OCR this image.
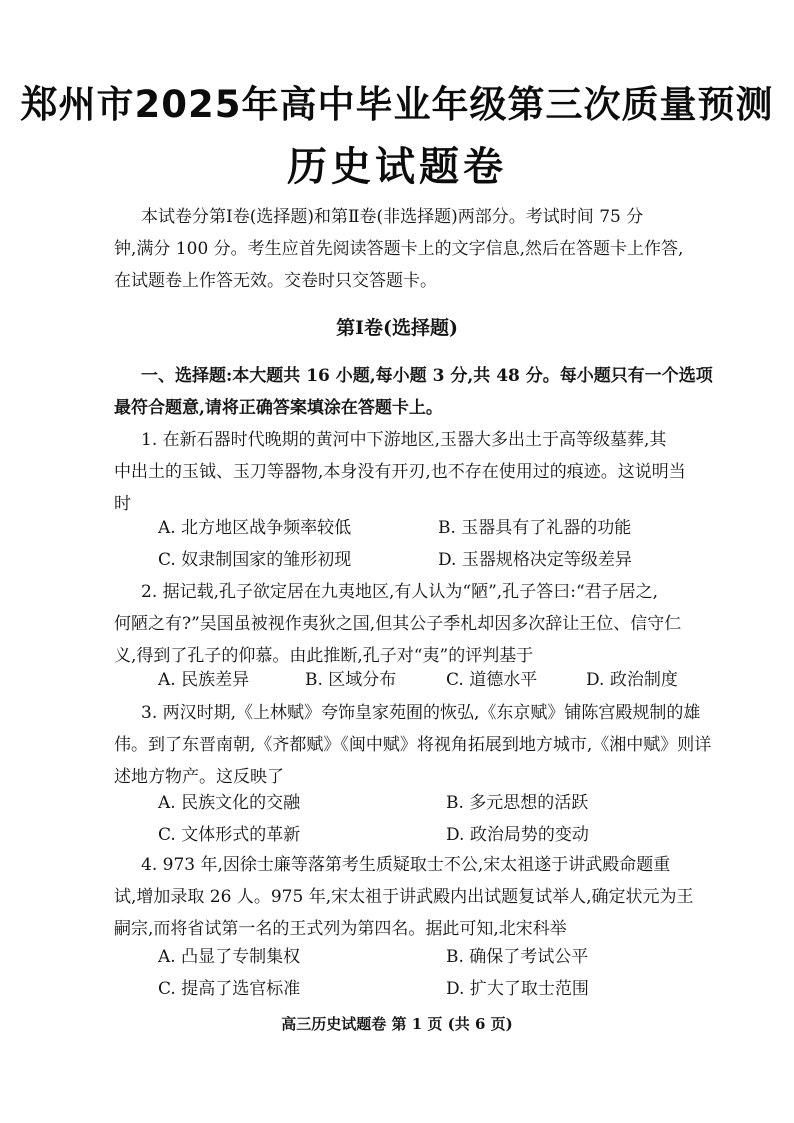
郑州市2025年高中毕业年级第三次质量预测
历史试题卷
本试卷分第Ⅰ卷(选择题)和第Ⅱ卷(非选择题)两部分。考试时间 75 分
钟,满分 100 分。考生应首先阅读答题卡上的文字信息,然后在答题卡上作答,
在试题卷上作答无效。交卷时只交答题卡。
第Ⅰ卷(选择题)
一、选择题:本大题共 16 小题,每小题 3 分,共 48 分。每小题只有一个选项
最符合题意,请将正确答案填涂在答题卡上。
1. 在新石器时代晚期的黄河中下游地区,玉器大多出土于高等级墓葬,其
中出土的玉钺、玉刀等器物,本身没有开刃,也不存在使用过的痕迹。这说明当
时
A. 北方地区战争频率较低	B. 玉器具有了礼器的功能
C. 奴隶制国家的雏形初现	D. 玉器规格决定等级差异
2. 据记载,孔子欲定居在九夷地区,有人认为“陋”,孔子答曰:“君子居之,
何陋之有?”吴国虽被视作夷狄之国,但其公子季札却因多次辞让王位、信守仁
义,得到了孔子的仰慕。由此推断,孔子对“夷”的评判基于
A. 民族差异	B. 区域分布	C. 道德水平	D. 政治制度
3. 两汉时期,《上林赋》夸饰皇家苑囿的恢弘,《东京赋》铺陈宫殿规制的雄
伟。到了东晋南朝,《齐都赋》《闽中赋》将视角拓展到地方城市,《湘中赋》则详
述地方物产。这反映了
A. 民族文化的交融	B. 多元思想的活跃
C. 文体形式的革新	D. 政治局势的变动
4. 973 年,因徐士廉等落第考生质疑取士不公,宋太祖遂于讲武殿命题重
试,增加录取 26 人。975 年,宋太祖于讲武殿内出试题复试举人,确定状元为王
嗣宗,而将省试第一名的王式列为第四名。据此可知,北宋科举
A. 凸显了专制集权	B. 确保了考试公平
C. 提高了选官标准	D. 扩大了取士范围
高三历史试题卷 第 1 页 (共 6 页)
